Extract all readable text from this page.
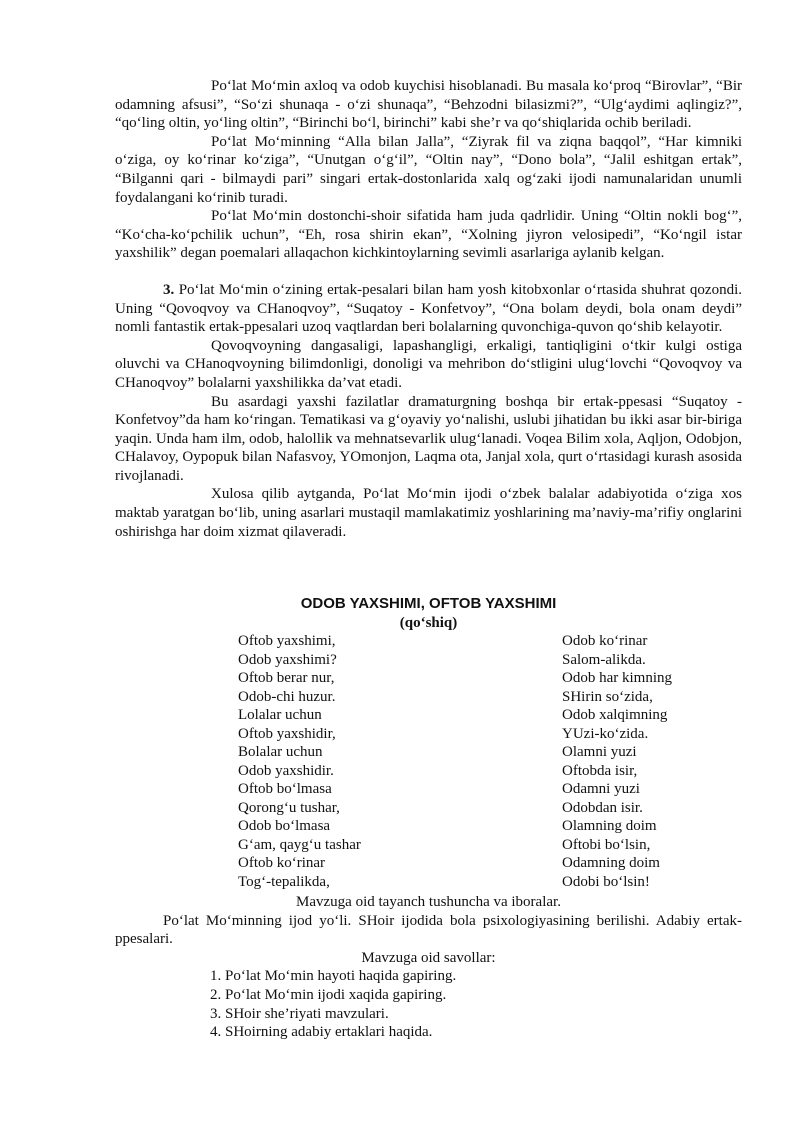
Po‘lat Mo‘min axloq va odob kuychisi hisoblanadi. Bu masala ko‘proq “Birovlar”, “Bir odamning afsusi”, “So‘zi shunaqa - o‘zi shunaqa”, “Behzodni bilasizmi?”, “Ulg‘aydimi aqlingiz?”, “qo‘ling oltin, yo‘ling oltin”, “Birinchi bo‘l, birinchi” kabi she’r va qo‘shiqlarida ochib beriladi.

Po‘lat Mo‘minning “Alla bilan Jalla”, “Ziyrak fil va ziqna baqqol”, “Har kimniki o‘ziga, oy ko‘rinar ko‘ziga”, “Unutgan o‘g‘il”, “Oltin nay”, “Dono bola”, “Jalil eshitgan ertak”, “Bilganni qari - bilmaydi pari” singari ertak-dostonlarida xalq og‘zaki ijodi namunalaridan unumli foydalanganі ko‘rinib turadi.

Po‘lat Mo‘min dostonchi-shoir sifatida ham juda qadrlidir. Uning “Oltin nokli bog‘”, “Ko‘cha-ko‘pchilik uchun”, “Eh, rosa shirin ekan”, “Xolning jiyron velosipedi”, “Ko‘ngil istar yaxshilik” degan poemalari allaqachon kichkintoylarning sevimli asarlariga aylanib kelgan.

3. Po‘lat Mo‘min o‘zining ertak-pesalari bilan ham yosh kitobxonlar o‘rtasida shuhrat qozondi. Uning “Qovoqvoy va CHanoqvoy”, “Suqatoy - Konfetvoy”, “Ona bolam deydi, bola onam deydi” nomli fantastik ertak-ppesalari uzoq vaqtlardan beri bolalarning quvonchiga-quvon qo‘shib kelayotir.

Qovoqvoyning dangasaligi, lapashangligi, erkaligi, tantiqligini o‘tkir kulgi ostiga oluvchi va CHanoqvoyning bilimdonligi, donoligi va mehribon do‘stligini ulug‘lovchi “Qovoqvoy va CHanoqvoy” bolalarni yaxshilikka da’vat etadi.

Bu asardagi yaxshi fazilatlar dramaturgning boshqa bir ertak-ppesasi “Suqatoy - Konfetvoy”da ham ko‘ringan. Tematikasi va g‘oyaviy yo‘nalishi, uslubi jihatidan bu ikki asar bir-biriga yaqin. Unda ham ilm, odob, halollik va mehnatsevarlik ulug‘lanadi. Voqea Bilim xola, Aqljon, Odobjon, CHalavoy, Oypopuk bilan Nafasvoy, YOmonjon, Laqma ota, Janjal xola, qurt o‘rtasidagi kurash asosida rivojlanadi.

Xulosa qilib aytganda, Po‘lat Mo‘min ijodi o‘zbek balalar adabiyotida o‘ziga xos maktab yaratgan bo‘lib, uning asarlari mustaqil mamlakatimiz yoshlarining ma’naviy-ma’rifiy onglarini oshirishga har doim xizmat qilaveradi.

ODOB YAXSHIMI, OFTOB YAXSHIMI
(qo‘shiq)
Oftob yaxshimi,
Odob yaxshimi?
Oftob berar nur,
Odob-chi huzur.
Lolalar uchun
Oftob yaxshidir,
Bolalar uchun
Odob yaxshidir.
Oftob bo‘lmasa
Qorong‘u tushar,
Odob bo‘lmasa
G‘am, qayg‘u tashar
Oftob ko‘rinar
Tog‘-tepalikda,
Odob ko‘rinar
Salom-alikda.
Odob har kimning
SHirin so‘zida,
Odob xalqimning
YUzi-ko‘zida.
Olamni yuzi
Oftobda isir,
Odamni yuzi
Odobdan isir.
Olamning doim
Oftobi bo‘lsin,
Odamning doim
Odobi bo‘lsin!
Mavzuga oid tayanch tushuncha va iboralar.

Po‘lat Mo‘minning ijod yo‘li. SHoir ijodida bola psixologiyasining berilishi. Adabiy ertak-ppesalari.

Mavzuga oid savollar:
1. Po‘lat Mo‘min hayoti haqida gapiring.
2. Po‘lat Mo‘min ijodi xaqida gapiring.
3. SHoir she’riyati mavzulari.
4. SHoirning adabiy ertaklari haqida.
